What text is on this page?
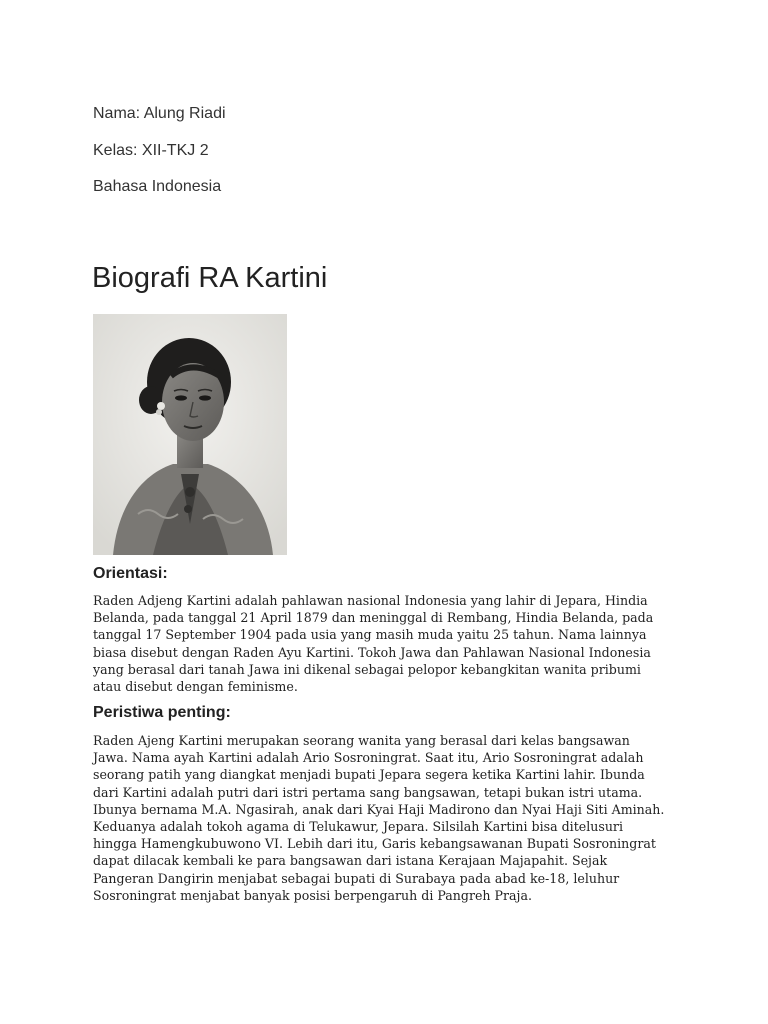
Nama: Alung Riadi
Kelas: XII-TKJ 2
Bahasa Indonesia
Biografi RA Kartini
Orientasi:
Raden Adjeng Kartini adalah pahlawan nasional Indonesia yang lahir di Jepara, Hindia
Belanda, pada tanggal 21 April 1879 dan meninggal di Rembang, Hindia Belanda, pada
tanggal 17 September 1904 pada usia yang masih muda yaitu 25 tahun. Nama lainnya
biasa disebut dengan Raden Ayu Kartini. Tokoh Jawa dan Pahlawan Nasional Indonesia
yang berasal dari tanah Jawa ini dikenal sebagai pelopor kebangkitan wanita pribumi
atau disebut dengan feminisme.
Peristiwa penting:
Raden Ajeng Kartini merupakan seorang wanita yang berasal dari kelas bangsawan
Jawa. Nama ayah Kartini adalah Ario Sosroningrat. Saat itu, Ario Sosroningrat adalah
seorang patih yang diangkat menjadi bupati Jepara segera ketika Kartini lahir. Ibunda
dari Kartini adalah putri dari istri pertama sang bangsawan, tetapi bukan istri utama.
Ibunya bernama M.A. Ngasirah, anak dari Kyai Haji Madirono dan Nyai Haji Siti Aminah.
Keduanya adalah tokoh agama di Telukawur, Jepara. Silsilah Kartini bisa ditelusuri
hingga Hamengkubuwono VI. Lebih dari itu, Garis kebangsawanan Bupati Sosroningrat
dapat dilacak kembali ke para bangsawan dari istana Kerajaan Majapahit. Sejak
Pangeran Dangirin menjabat sebagai bupati di Surabaya pada abad ke-18, leluhur
Sosroningrat menjabat banyak posisi berpengaruh di Pangreh Praja.
